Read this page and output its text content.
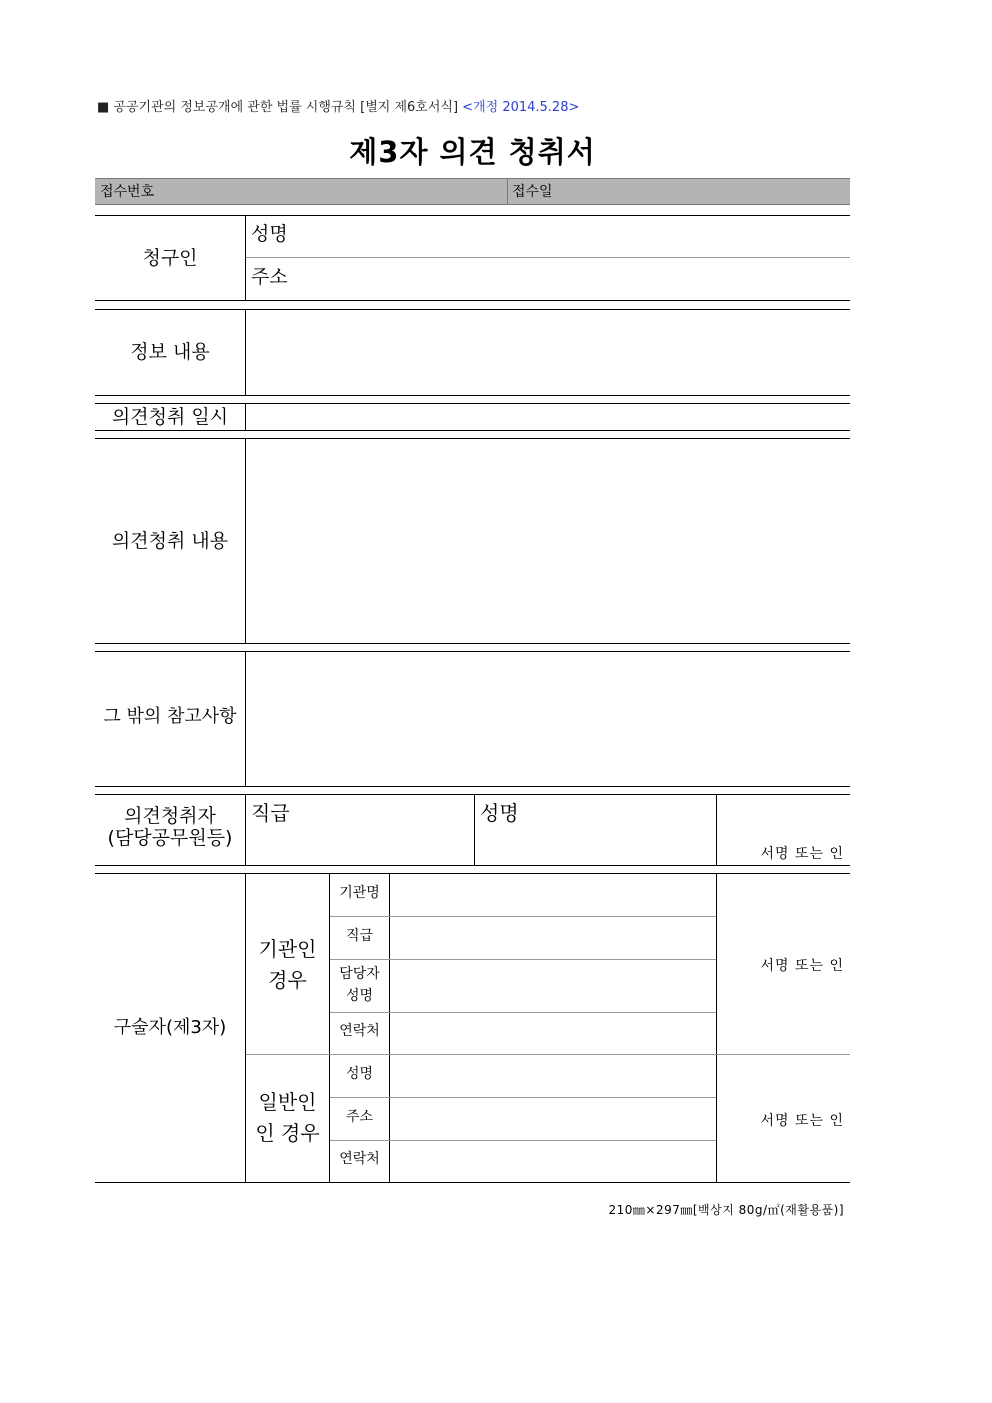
■ 공공기관의 정보공개에 관한 법률 시행규칙 [별지 제6호서식] <개정 2014.5.28>
제3자 의견 청취서
접수번호	접수일
청구인
성명
주소
정보 내용
의견청취 일시
의견청취 내용
그 밖의 참고사항
의견청취자
(담당공무원등)
직급	성명
서명 또는 인
구술자(제3자)
기관인
경우
기관명
직급
담당자
성명
연락처
서명 또는 인
일반인
인 경우
성명
주소
연락처
서명 또는 인
210㎜×297㎜[백상지 80g/㎡(재활용품)]
